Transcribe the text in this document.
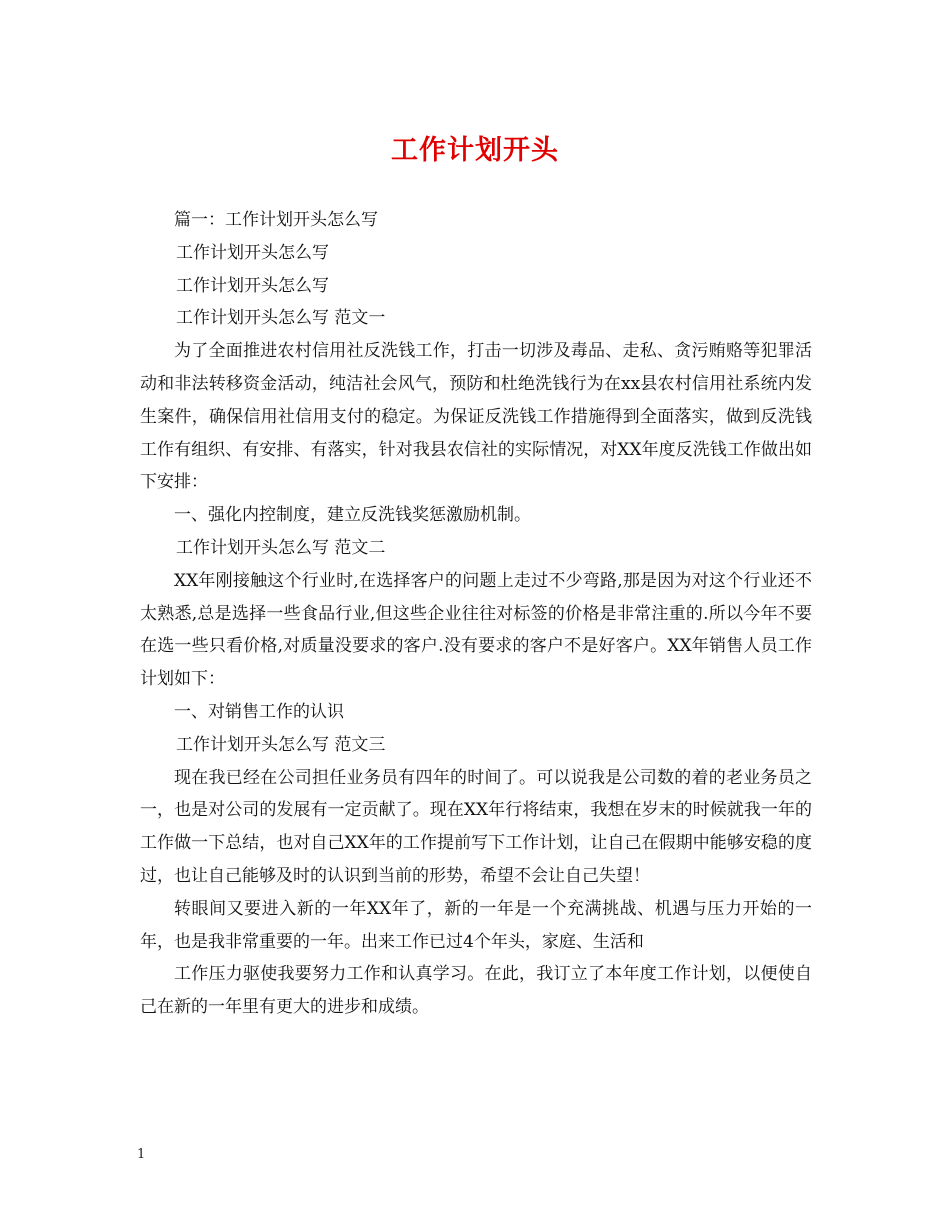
工作计划开头

篇一：工作计划开头怎么写

工作计划开头怎么写

工作计划开头怎么写

工作计划开头怎么写 范文一

为了全面推进农村信用社反洗钱工作，打击一切涉及毒品、走私、贪污贿赂等犯罪活动和非法转移资金活动，纯洁社会风气，预防和杜绝洗钱行为在xx县农村信用社系统内发生案件，确保信用社信用支付的稳定。为保证反洗钱工作措施得到全面落实，做到反洗钱工作有组织、有安排、有落实，针对我县农信社的实际情况，对XX年度反洗钱工作做出如下安排：

一、强化内控制度，建立反洗钱奖惩激励机制。

工作计划开头怎么写 范文二

XX年刚接触这个行业时,在选择客户的问题上走过不少弯路,那是因为对这个行业还不太熟悉,总是选择一些食品行业,但这些企业往往对标签的价格是非常注重的.所以今年不要在选一些只看价格,对质量没要求的客户.没有要求的客户不是好客户。XX年销售人员工作计划如下：

一、对销售工作的认识

工作计划开头怎么写 范文三

现在我已经在公司担任业务员有四年的时间了。可以说我是公司数的着的老业务员之一，也是对公司的发展有一定贡献了。现在XX年行将结束，我想在岁末的时候就我一年的工作做一下总结，也对自己XX年的工作提前写下工作计划，让自己在假期中能够安稳的度过，也让自己能够及时的认识到当前的形势，希望不会让自己失望！

转眼间又要进入新的一年XX年了，新的一年是一个充满挑战、机遇与压力开始的一年，也是我非常重要的一年。出来工作已过4个年头，家庭、生活和

工作压力驱使我要努力工作和认真学习。在此，我订立了本年度工作计划，以便使自己在新的一年里有更大的进步和成绩。

1
